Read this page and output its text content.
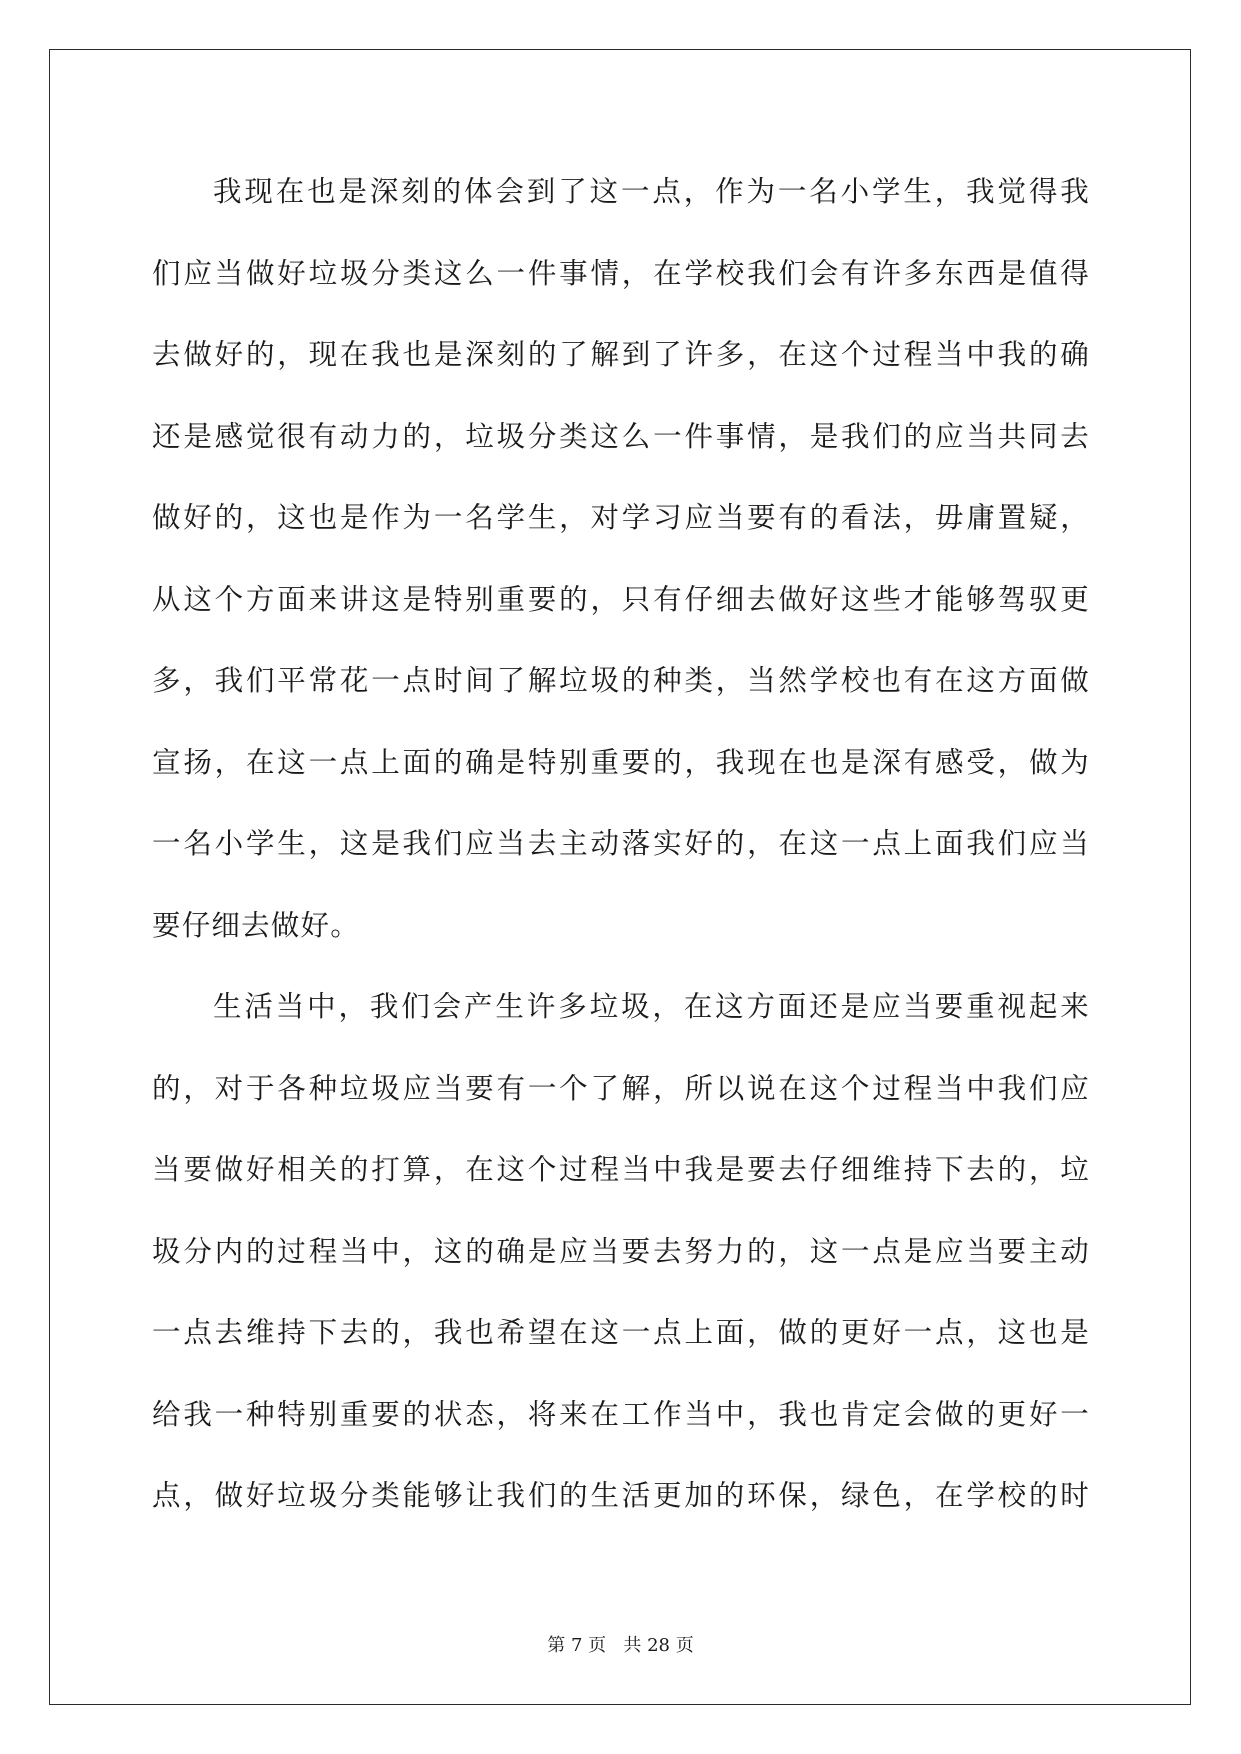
我现在也是深刻的体会到了这一点，作为一名小学生，我觉得我
们应当做好垃圾分类这么一件事情，在学校我们会有许多东西是值得
去做好的，现在我也是深刻的了解到了许多，在这个过程当中我的确
还是感觉很有动力的，垃圾分类这么一件事情，是我们的应当共同去
做好的，这也是作为一名学生，对学习应当要有的看法，毋庸置疑，
从这个方面来讲这是特别重要的，只有仔细去做好这些才能够驾驭更
多，我们平常花一点时间了解垃圾的种类，当然学校也有在这方面做
宣扬，在这一点上面的确是特别重要的，我现在也是深有感受，做为
一名小学生，这是我们应当去主动落实好的，在这一点上面我们应当
要仔细去做好。
生活当中，我们会产生许多垃圾，在这方面还是应当要重视起来
的，对于各种垃圾应当要有一个了解，所以说在这个过程当中我们应
当要做好相关的打算，在这个过程当中我是要去仔细维持下去的，垃
圾分内的过程当中，这的确是应当要去努力的，这一点是应当要主动
一点去维持下去的，我也希望在这一点上面，做的更好一点，这也是
给我一种特别重要的状态，将来在工作当中，我也肯定会做的更好一
点，做好垃圾分类能够让我们的生活更加的环保，绿色，在学校的时
第 7 页   共 28 页
